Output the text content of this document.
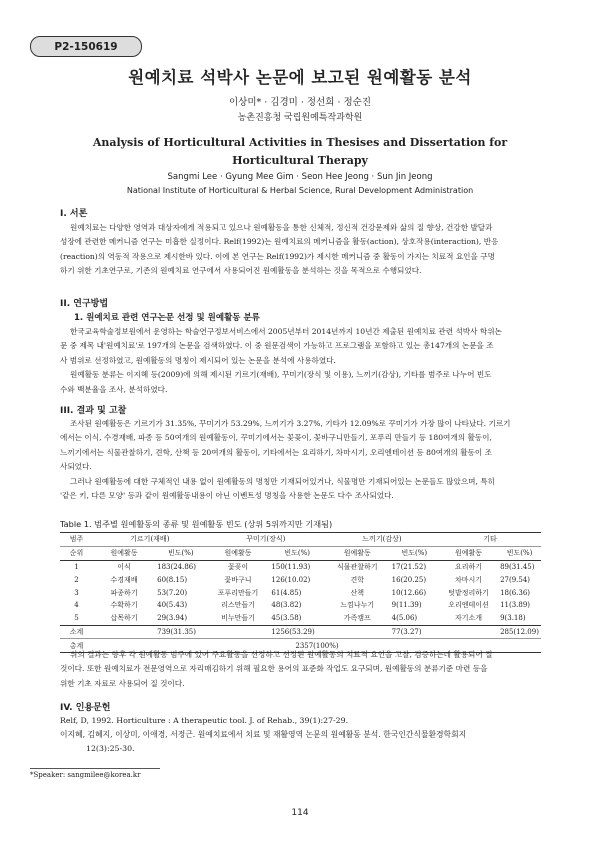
P2-150619
원예치료 석박사 논문에 보고된 원예활동 분석
이상미* · 김경미 · 정선희 · 정순진
농촌진흥청 국립원예특작과학원
Analysis of Horticultural Activities in Thesises and Dissertation for
Horticultural Therapy
Sangmi Lee · Gyung Mee Gim · Seon Hee Jeong · Sun Jin Jeong
National Institute of Horticultural & Herbal Science, Rural Development Administration
I. 서론
원예치료는 다양한 영역과 대상자에게 적용되고 있으나 원예활동을 통한 신체적, 정신적 건강문제와 삶의 질 향상, 건강한 발달과
성장에 관련한 메커니즘 연구는 미흡한 실정이다. Relf(1992)는 원예치료의 메커니즘을 활동(action), 상호작용(interaction), 반응
(reaction)의 역동적 작용으로 제시한바 있다. 이에 본 연구는 Relf(1992)가 제시한 메커니즘 중 활동이 가지는 치료적 요인을 구명
하기 위한 기초연구로, 기존의 원예치료 연구에서 사용되어진 원예활동을 분석하는 것을 목적으로 수행되었다.
II. 연구방법
1. 원예치료 관련 연구논문 선정 및 원예활동 분류
한국교육학술정보원에서 운영하는 학술연구정보서비스에서 2005년부터 2014년까지 10년간 제출된 원예치료 관련 석박사 학위논
문 중 제목 내'원예치료'로 197개의 논문을 검색하였다. 이 중 원문검색이 가능하고 프로그램을 포함하고 있는 총147개의 논문을 조
사 범위로 선정하였고, 원예활동의 명칭이 제시되어 있는 논문을 분석에 사용하였다.
원예활동 분류는 이지혜 등(2009)에 의해 제시된 기르기(재배), 꾸미기(장식 및 이용), 느끼기(감상), 기타를 범주로 나누어 빈도
수와 백분율을 조사, 분석하였다.
III. 결과 및 고찰
조사된 원예활동은 기르기가 31.35%, 꾸미기가 53.29%, 느끼기가 3.27%, 기타가 12.09%로 꾸미기가 가장 많이 나타났다. 기르기
에서는 이식, 수경재배, 파종 등 50여개의 원예활동이, 꾸미기에서는 꽃꽂이, 꽃바구니만들기, 포푸리 만들기 등 180여개의 활동이,
느끼기에서는 식물관찰하기, 견학, 산책 등 20여개의 활동이, 기타에서는 요리하기, 차마시기, 오리엔테이션 등 80여개의 활동이 조
사되었다.
그러나 원예활동에 대한 구체적인 내용 없이 원예활동의 명칭만 기재되어있거나, 식물명만 기재되어있는 논문들도 많았으며, 특히
'같은 키, 다른 모양' 등과 같이 원예활동내용이 아닌 이벤트성 명칭을 사용한 논문도 다수 조사되었다.
Table 1. 범주별 원예활동의 종류 및 원예활동 빈도 (상위 5위까지만 기재됨)
범주	기르기(재배)		꾸미기(장식)		느끼기(감상)		기타	
순위	원예활동	빈도(%)	원예활동	빈도(%)	원예활동	빈도(%)	원예활동	빈도(%)
1	이식	183(24.86)	꽃꽂이	150(11.93)	식물관찰하기	17(21.52)	요리하기	89(31.45)
2	수경재배	60(8.15)	꽃바구니	126(10.02)	견학	16(20.25)	차마시기	27(9.54)
3	파종하기	53(7.20)	포푸리만들기	61(4.85)	산책	10(12.66)	텃밭정리하기	18(6.36)
4	수확하기	40(5.43)	리스만들기	48(3.82)	느낌나누기	9(11.39)	오리엔테이션	11(3.89)
5	삽목하기	29(3.94)	비누만들기	45(3.58)	가족캠프	4(5.06)	자기소개	9(3.18)
소계		739(31.35)		1256(53.29)		77(3.27)		285(12.09)
총계	2357(100%)							
위의 결과는 향후 각 원예활동 범주에 있어 주요활동을 선정하고 선정된 원예활동의 치료적 요인을 고찰, 검증하는데 활용되어 질
것이다. 또한 원예치료가 전문영역으로 자리매김하기 위해 필요한 용어의 표준화 작업도 요구되며, 원예활동의 분류기준 마련 등을
위한 기초 자료로 사용되어 질 것이다.
IV. 인용문헌
Relf, D, 1992. Horticulture : A therapeutic tool. J. of Rehab., 39(1):27-29.
이지혜, 김혜지, 이상미, 이애경, 서정근. 원예치료에서 치료 및 재활영역 논문의 원예활동 분석. 한국인간식물환경학회지
12(3):25-30.
*Speaker: sangmilee@korea.kr
114
